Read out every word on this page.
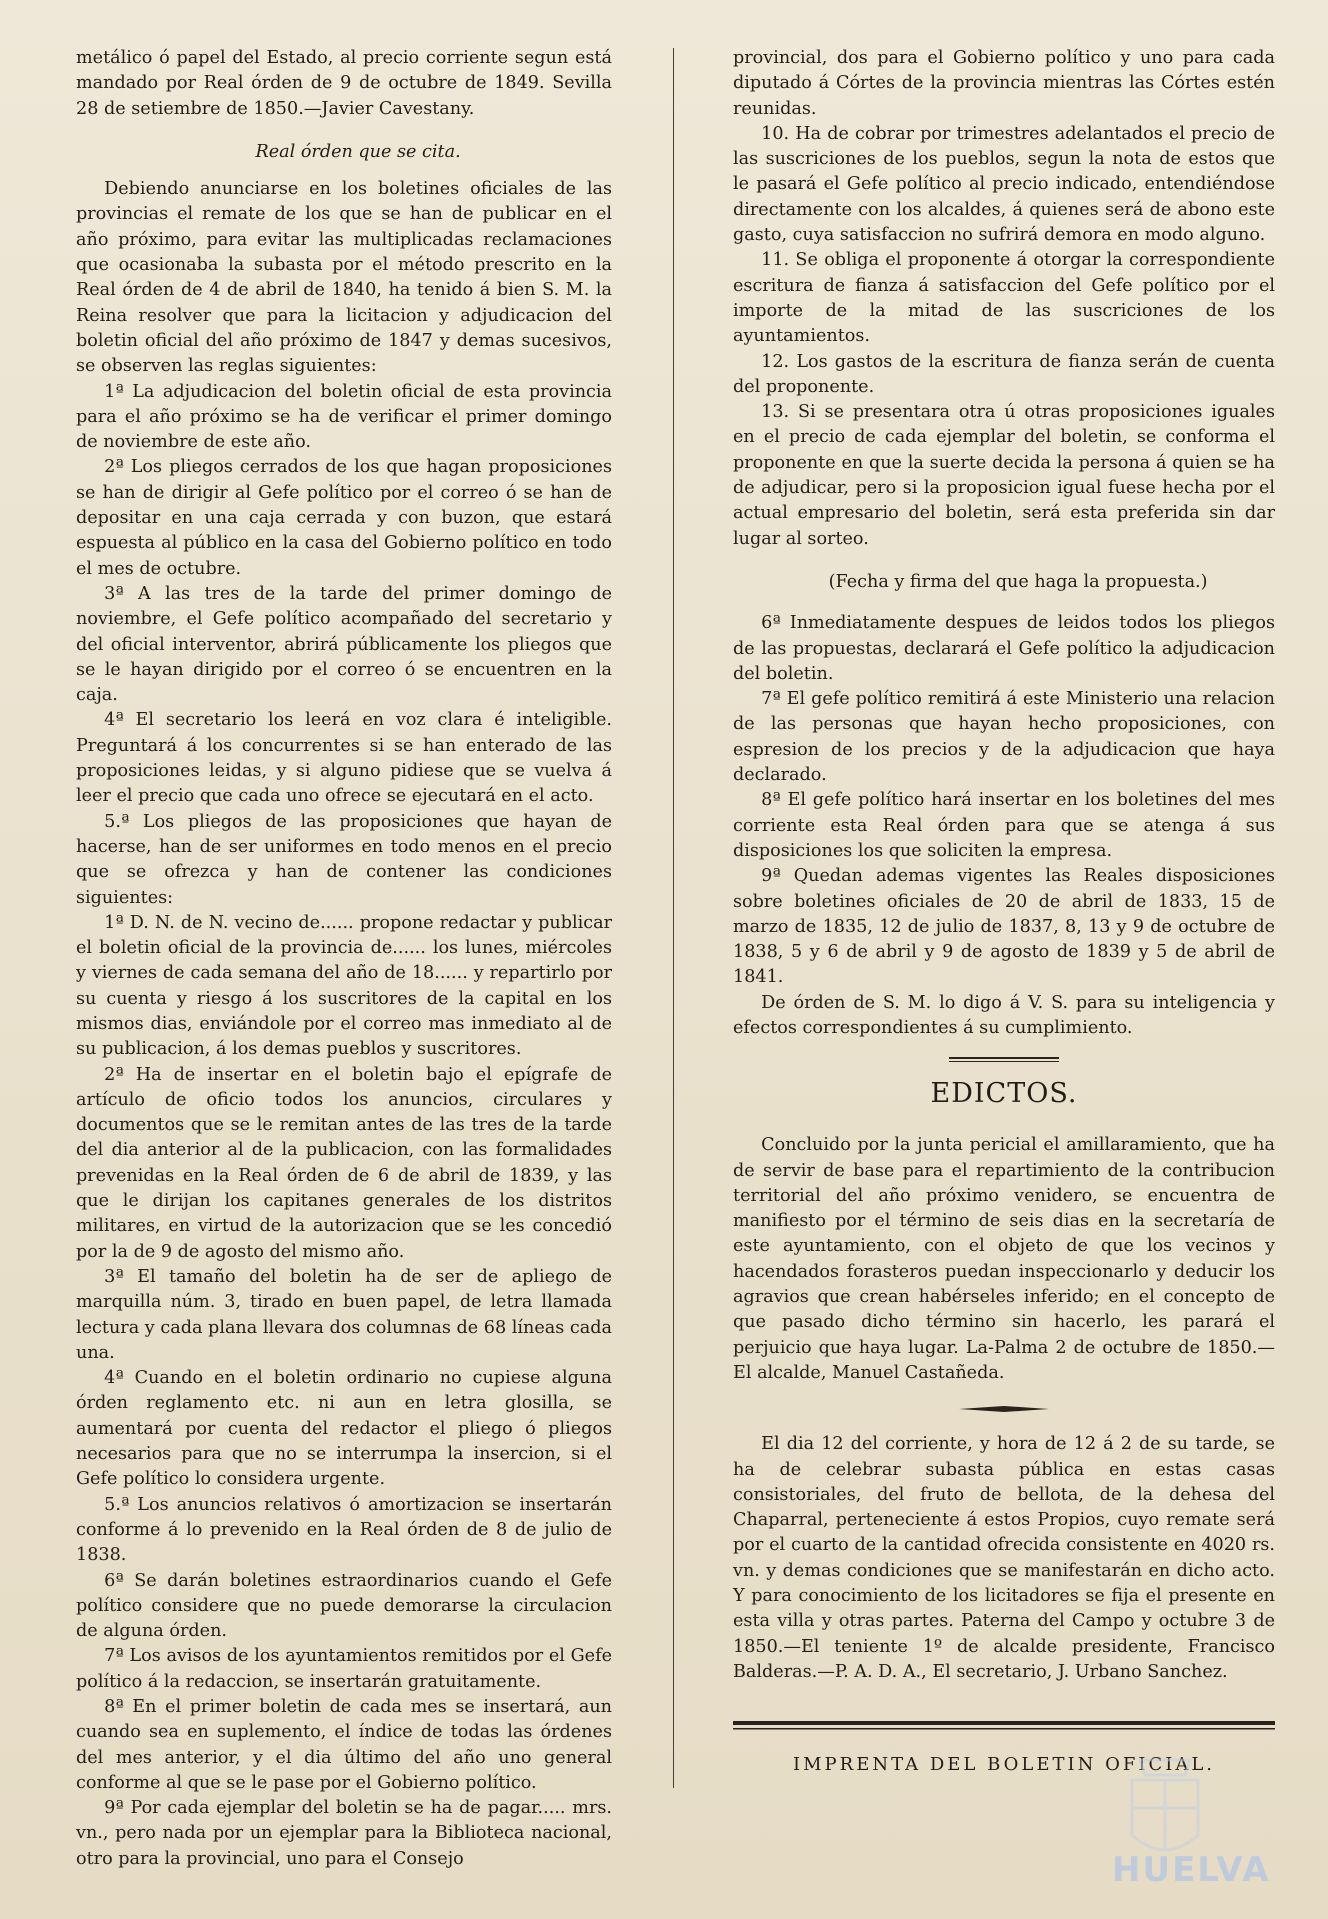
metálico ó papel del Estado, al precio corriente segun está mandado por Real órden de 9 de octubre de 1849. Sevilla 28 de setiembre de 1850.—Javier Cavestany.

Real órden que se cita.

Debiendo anunciarse en los boletines oficiales de las provincias el remate de los que se han de publicar en el año próximo, para evitar las multiplicadas reclamaciones que ocasionaba la subasta por el método prescrito en la Real órden de 4 de abril de 1840, ha tenido á bien S. M. la Reina resolver que para la licitacion y adjudicacion del boletin oficial del año próximo de 1847 y demas sucesivos, se observen las reglas siguientes:

1ª La adjudicacion del boletin oficial de esta provincia para el año próximo se ha de verificar el primer domingo de noviembre de este año.

2ª Los pliegos cerrados de los que hagan proposiciones se han de dirigir al Gefe político por el correo ó se han de depositar en una caja cerrada y con buzon, que estará espuesta al público en la casa del Gobierno político en todo el mes de octubre.

3ª A las tres de la tarde del primer domingo de noviembre, el Gefe político acompañado del secretario y del oficial interventor, abrirá públicamente los pliegos que se le hayan dirigido por el correo ó se encuentren en la caja.

4ª El secretario los leerá en voz clara é inteligible. Preguntará á los concurrentes si se han enterado de las proposiciones leidas, y si alguno pidiese que se vuelva á leer el precio que cada uno ofrece se ejecutará en el acto.

5.ª Los pliegos de las proposiciones que hayan de hacerse, han de ser uniformes en todo menos en el precio que se ofrezca y han de contener las condiciones siguientes:

1ª D. N. de N. vecino de...... propone redactar y publicar el boletin oficial de la provincia de...... los lunes, miércoles y viernes de cada semana del año de 18...... y repartirlo por su cuenta y riesgo á los suscritores de la capital en los mismos dias, enviándole por el correo mas inmediato al de su publicacion, á los demas pueblos y suscritores.

2ª Ha de insertar en el boletin bajo el epígrafe de artículo de oficio todos los anuncios, circulares y documentos que se le remitan antes de las tres de la tarde del dia anterior al de la publicacion, con las formalidades prevenidas en la Real órden de 6 de abril de 1839, y las que le dirijan los capitanes generales de los distritos militares, en virtud de la autorizacion que se les concedió por la de 9 de agosto del mismo año.

3ª El tamaño del boletin ha de ser de apliego de marquilla núm. 3, tirado en buen papel, de letra llamada lectura y cada plana llevara dos columnas de 68 líneas cada una.

4ª Cuando en el boletin ordinario no cupiese alguna órden reglamento etc. ni aun en letra glosilla, se aumentará por cuenta del redactor el pliego ó pliegos necesarios para que no se interrumpa la insercion, si el Gefe político lo considera urgente.

5.ª Los anuncios relativos ó amortizacion se insertarán conforme á lo prevenido en la Real órden de 8 de julio de 1838.

6ª Se darán boletines estraordinarios cuando el Gefe político considere que no puede demorarse la circulacion de alguna órden.

7ª Los avisos de los ayuntamientos remitidos por el Gefe político á la redaccion, se insertarán gratuitamente.

8ª En el primer boletin de cada mes se insertará, aun cuando sea en suplemento, el índice de todas las órdenes del mes anterior, y el dia último del año uno general conforme al que se le pase por el Gobierno político.

9ª Por cada ejemplar del boletin se ha de pagar..... mrs. vn., pero nada por un ejemplar para la Biblioteca nacional, otro para la provincial, uno para el Consejo

provincial, dos para el Gobierno político y uno para cada diputado á Córtes de la provincia mientras las Córtes estén reunidas.

10. Ha de cobrar por trimestres adelantados el precio de las suscriciones de los pueblos, segun la nota de estos que le pasará el Gefe político al precio indicado, entendiéndose directamente con los alcaldes, á quienes será de abono este gasto, cuya satisfaccion no sufrirá demora en modo alguno.

11. Se obliga el proponente á otorgar la correspondiente escritura de fianza á satisfaccion del Gefe político por el importe de la mitad de las suscriciones de los ayuntamientos.

12. Los gastos de la escritura de fianza serán de cuenta del proponente.

13. Si se presentara otra ú otras proposiciones iguales en el precio de cada ejemplar del boletin, se conforma el proponente en que la suerte decida la persona á quien se ha de adjudicar, pero si la proposicion igual fuese hecha por el actual empresario del boletin, será esta preferida sin dar lugar al sorteo.

(Fecha y firma del que haga la propuesta.)

6ª Inmediatamente despues de leidos todos los pliegos de las propuestas, declarará el Gefe político la adjudicacion del boletin.

7ª El gefe político remitirá á este Ministerio una relacion de las personas que hayan hecho proposiciones, con espresion de los precios y de la adjudicacion que haya declarado.

8ª El gefe político hará insertar en los boletines del mes corriente esta Real órden para que se atenga á sus disposiciones los que soliciten la empresa.

9ª Quedan ademas vigentes las Reales disposiciones sobre boletines oficiales de 20 de abril de 1833, 15 de marzo de 1835, 12 de julio de 1837, 8, 13 y 9 de octubre de 1838, 5 y 6 de abril y 9 de agosto de 1839 y 5 de abril de 1841.

De órden de S. M. lo digo á V. S. para su inteligencia y efectos correspondientes á su cumplimiento.

EDICTOS.

Concluido por la junta pericial el amillaramiento, que ha de servir de base para el repartimiento de la contribucion territorial del año próximo venidero, se encuentra de manifiesto por el término de seis dias en la secretaría de este ayuntamiento, con el objeto de que los vecinos y hacendados forasteros puedan inspeccionarlo y deducir los agravios que crean habérseles inferido; en el concepto de que pasado dicho término sin hacerlo, les parará el perjuicio que haya lugar. La-Palma 2 de octubre de 1850.—El alcalde, Manuel Castañeda.

El dia 12 del corriente, y hora de 12 á 2 de su tarde, se ha de celebrar subasta pública en estas casas consistoriales, del fruto de bellota, de la dehesa del Chaparral, perteneciente á estos Propios, cuyo remate será por el cuarto de la cantidad ofrecida consistente en 4020 rs. vn. y demas condiciones que se manifestarán en dicho acto. Y para conocimiento de los licitadores se fija el presente en esta villa y otras partes. Paterna del Campo y octubre 3 de 1850.—El teniente 1º de alcalde presidente, Francisco Balderas.—P. A. D. A., El secretario, J. Urbano Sanchez.

IMPRENTA DEL BOLETIN OFICIAL.
HUELVA
